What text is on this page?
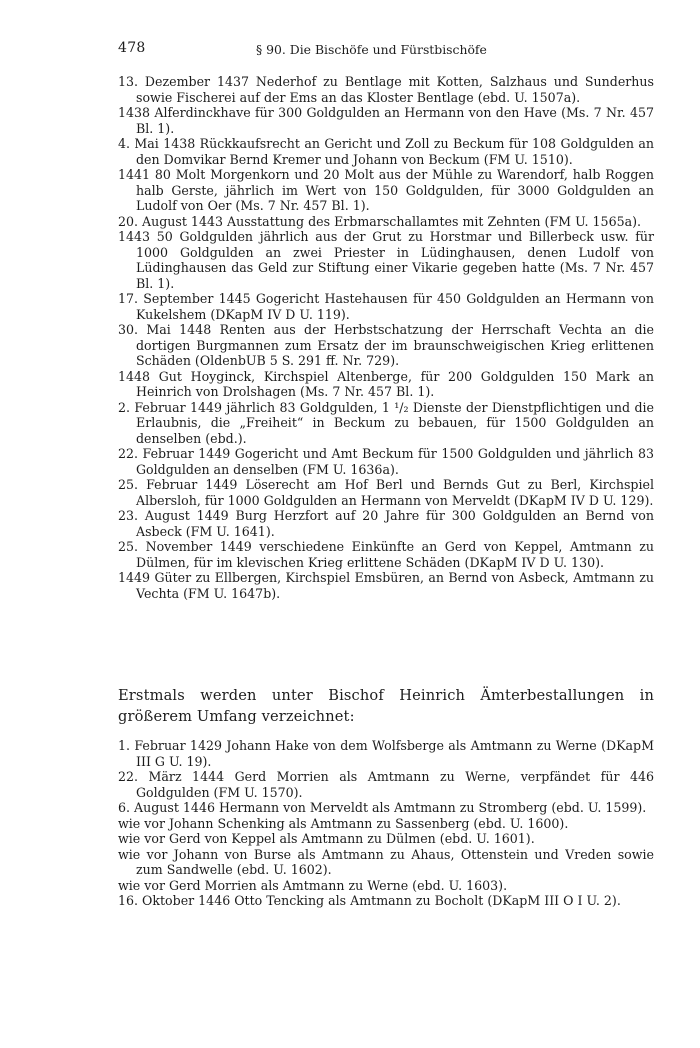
478	§ 90. Die Bischöfe und Fürstbischöfe
13. Dezember 1437 Nederhof zu Bentlage mit Kotten, Salzhaus und Sunderhus sowie Fischerei auf der Ems an das Kloster Bentlage (ebd. U. 1507a).
1438 Alferdinckhave für 300 Goldgulden an Hermann von den Have (Ms. 7 Nr. 457 Bl. 1).
4. Mai 1438 Rückkaufsrecht an Gericht und Zoll zu Beckum für 108 Goldgulden an den Domvikar Bernd Kremer und Johann von Beckum (FM U. 1510).
1441 80 Molt Morgenkorn und 20 Molt aus der Mühle zu Warendorf, halb Roggen halb Gerste, jährlich im Wert von 150 Goldgulden, für 3000 Goldgulden an Ludolf von Oer (Ms. 7 Nr. 457 Bl. 1).
20. August 1443 Ausstattung des Erbmarschallamtes mit Zehnten (FM U. 1565a).
1443 50 Goldgulden jährlich aus der Grut zu Horstmar und Billerbeck usw. für 1000 Goldgulden an zwei Priester in Lüdinghausen, denen Ludolf von Lüdinghausen das Geld zur Stiftung einer Vikarie gegeben hatte (Ms. 7 Nr. 457 Bl. 1).
17. September 1445 Gogericht Hastehausen für 450 Goldgulden an Hermann von Kukelshem (DKapM IV D U. 119).
30. Mai 1448 Renten aus der Herbstschatzung der Herrschaft Vechta an die dortigen Burgmannen zum Ersatz der im braunschweigischen Krieg erlittenen Schäden (OldenbUB 5 S. 291 ff. Nr. 729).
1448 Gut Hoyginck, Kirchspiel Altenberge, für 200 Goldgulden 150 Mark an Heinrich von Drolshagen (Ms. 7 Nr. 457 Bl. 1).
2. Februar 1449 jährlich 83 Goldgulden, 1 ¹/₂ Dienste der Dienstpflichtigen und die Erlaubnis, die „Freiheit“ in Beckum zu bebauen, für 1500 Goldgulden an denselben (ebd.).
22. Februar 1449 Gogericht und Amt Beckum für 1500 Goldgulden und jährlich 83 Goldgulden an denselben (FM U. 1636a).
25. Februar 1449 Löserecht am Hof Berl und Bernds Gut zu Berl, Kirchspiel Albersloh, für 1000 Goldgulden an Hermann von Merveldt (DKapM IV D U. 129).
23. August 1449 Burg Herzfort auf 20 Jahre für 300 Goldgulden an Bernd von Asbeck (FM U. 1641).
25. November 1449 verschiedene Einkünfte an Gerd von Keppel, Amtmann zu Dülmen, für im klevischen Krieg erlittene Schäden (DKapM IV D U. 130).
1449 Güter zu Ellbergen, Kirchspiel Emsbüren, an Bernd von Asbeck, Amtmann zu Vechta (FM U. 1647b).

Erstmals werden unter Bischof Heinrich Ämterbestallungen in größerem Umfang verzeichnet:

1. Februar 1429 Johann Hake von dem Wolfsberge als Amtmann zu Werne (DKapM III G U. 19).
22. März 1444 Gerd Morrien als Amtmann zu Werne, verpfändet für 446 Goldgulden (FM U. 1570).
6. August 1446 Hermann von Merveldt als Amtmann zu Stromberg (ebd. U. 1599).
wie vor Johann Schenking als Amtmann zu Sassenberg (ebd. U. 1600).
wie vor Gerd von Keppel als Amtmann zu Dülmen (ebd. U. 1601).
wie vor Johann von Burse als Amtmann zu Ahaus, Ottenstein und Vreden sowie zum Sandwelle (ebd. U. 1602).
wie vor Gerd Morrien als Amtmann zu Werne (ebd. U. 1603).
16. Oktober 1446 Otto Tencking als Amtmann zu Bocholt (DKapM III O I U. 2).
